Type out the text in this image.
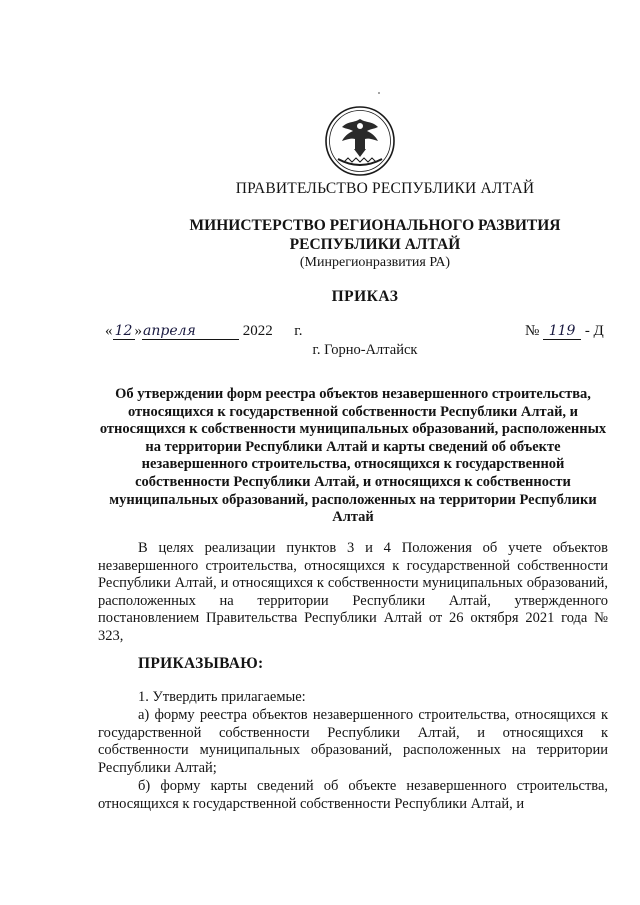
ПРАВИТЕЛЬСТВО РЕСПУБЛИКИ АЛТАЙ
МИНИСТЕРСТВО РЕГИОНАЛЬНОГО РАЗВИТИЯ
РЕСПУБЛИКИ АЛТАЙ
(Минрегионразвития РА)
ПРИКАЗ
« 12 »апреля	2022 г.	№ 119 - Д
г. Горно-Алтайск
Об утверждении форм реестра объектов незавершенного строительства, относящихся к государственной собственности Республики Алтай, и относящихся к собственности муниципальных образований, расположенных на территории Республики Алтай и карты сведений об объекте незавершенного строительства, относящихся к государственной собственности Республики Алтай, и относящихся к собственности муниципальных образований, расположенных на территории Республики Алтай
В целях реализации пунктов 3 и 4 Положения об учете объектов незавершенного строительства, относящихся к государственной собственности Республики Алтай, и относящихся к собственности муниципальных образований, расположенных на территории Республики Алтай, утвержденного постановлением Правительства Республики Алтай от 26 октября 2021 года № 323,
ПРИКАЗЫВАЮ:
1. Утвердить прилагаемые:
а) форму реестра объектов незавершенного строительства, относящихся к государственной собственности Республики Алтай, и относящихся к собственности муниципальных образований, расположенных на территории Республики Алтай;
б) форму карты сведений об объекте незавершенного строительства, относящихся к государственной собственности Республики Алтай, и
